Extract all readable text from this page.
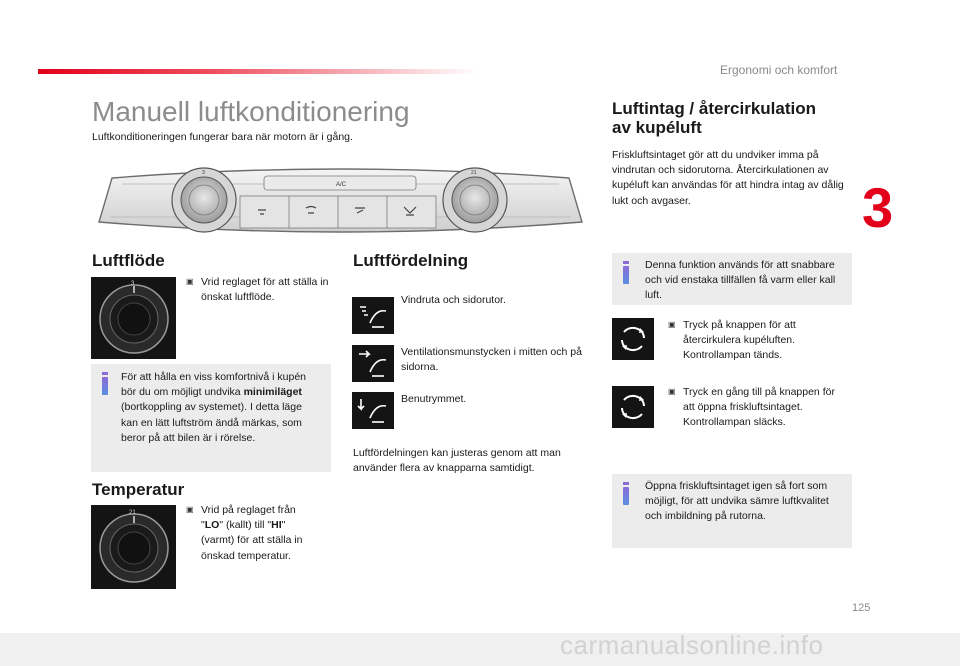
Ergonomi och komfort
3
Manuell luftkonditionering
Luftkonditioneringen fungerar bara när motorn är i gång.
A/C
3	21
Luftflöde
3	▣ Vrid reglaget för att ställa in önskat luftflöde.
För att hålla en viss komfortnivå i kupén
bör du om möjligt undvika minimiläget
(bortkoppling av systemet). I detta läge
kan en lätt luftström ändå märkas, som
beror på att bilen är i rörelse.
Temperatur
21	▣ Vrid på reglaget från
"LO" (kallt) till "HI"
(varmt) för att ställa in
önskad temperatur.
Luftfördelning
Vindruta och sidorutor.
Ventilationsmunstycken i mitten och på sidorna.
Benutrymmet.
Luftfördelningen kan justeras genom att man använder flera av knapparna samtidigt.
Luftintag / återcirkulation
av kupéluft
Friskluftsintaget gör att du undviker imma på vindrutan och sidorutorna. Återcirkulationen av kupéluft kan användas för att hindra intag av dålig lukt och avgaser.
Denna funktion används för att snabbare och vid enstaka tillfällen få varm eller kall luft.
▣ Tryck på knappen för att återcirkulera kupéluften. Kontrollampan tänds.
▣ Tryck en gång till på knappen för att öppna friskluftsintaget. Kontrollampan släcks.
Öppna friskluftsintaget igen så fort som möjligt, för att undvika sämre luftkvalitet och imbildning på rutorna.
125
carmanualsonline.info
